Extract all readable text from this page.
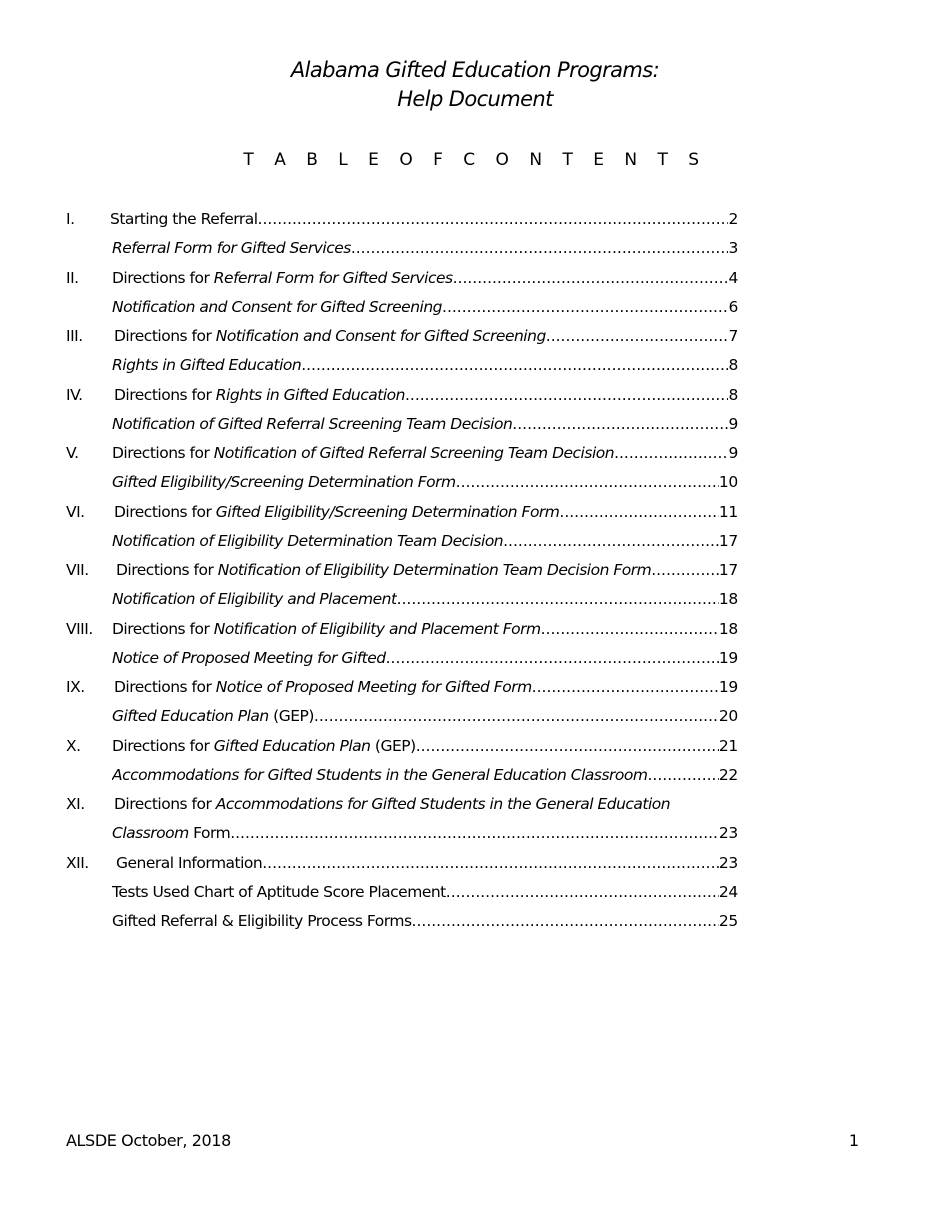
Alabama Gifted Education Programs:
Help Document
T A B L E O F C O N T E N T S
I.	Starting the Referral .....	2
Referral Form for Gifted Services .....	3
II.	Directions for Referral Form for Gifted Services .....	4
Notification and Consent for Gifted Screening .....	6
III.	Directions for Notification and Consent for Gifted Screening .....	7
Rights in Gifted Education .....	8
IV.	Directions for Rights in Gifted Education .....	8
Notification of Gifted Referral Screening Team Decision .....	9
V.	Directions for Notification of Gifted Referral Screening Team Decision .....	9
Gifted Eligibility/Screening Determination Form .....	10
VI.	Directions for Gifted Eligibility/Screening Determination Form .....	11
Notification of Eligibility Determination Team Decision .....	17
VII.	Directions for Notification of Eligibility Determination Team Decision Form .....	17
Notification of Eligibility and Placement .....	18
VIII.	Directions for Notification of Eligibility and Placement Form .....	18
Notice of Proposed Meeting for Gifted .....	19
IX.	Directions for Notice of Proposed Meeting for Gifted Form .....	19
Gifted Education Plan (GEP) .....	20
X.	Directions for Gifted Education Plan (GEP) .....	21
Accommodations for Gifted Students in the General Education Classroom .....	22
XI.	Directions for Accommodations for Gifted Students in the General Education
Classroom Form .....	23
XII.	General Information .....	23
Tests Used Chart of Aptitude Score Placement .....	24
Gifted Referral & Eligibility Process Forms .....	25
ALSDE October, 2018	1
